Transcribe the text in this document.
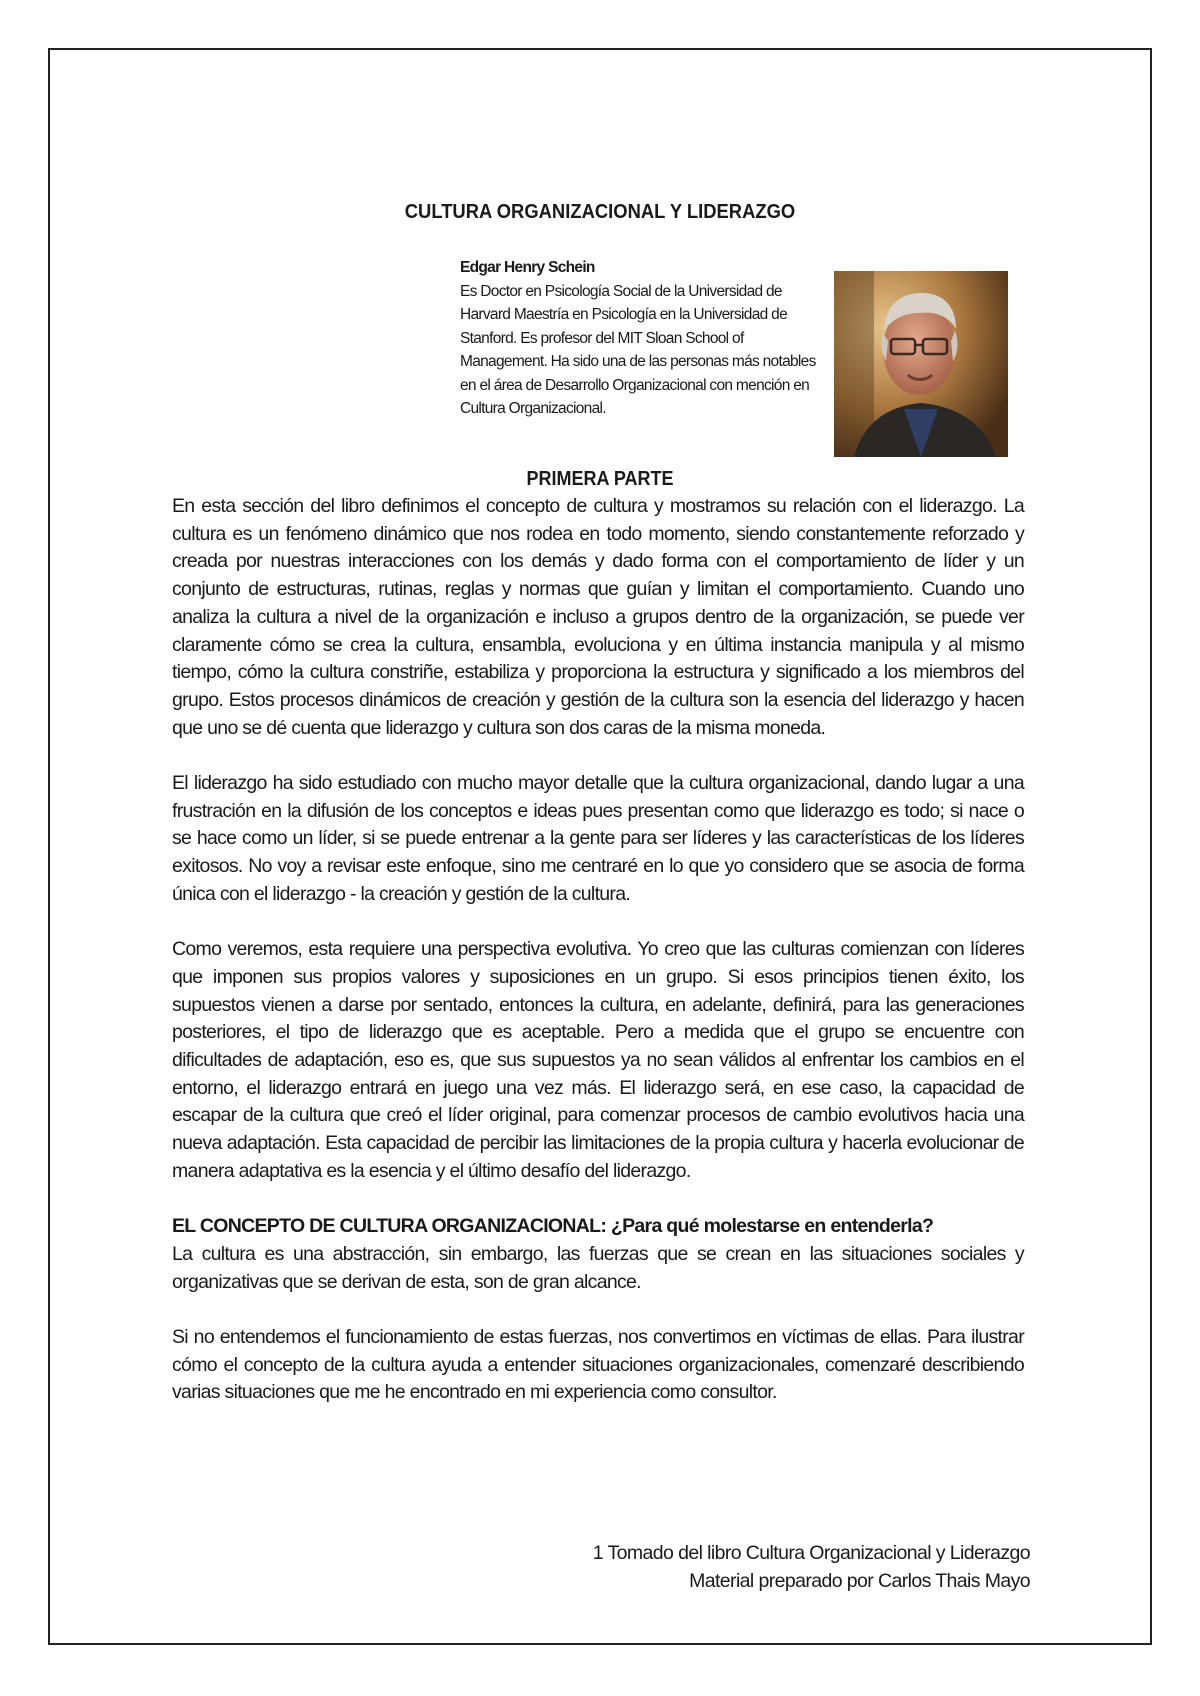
CULTURA ORGANIZACIONAL Y LIDERAZGO
Edgar Henry Schein
Es Doctor en Psicología Social de la Universidad de Harvard Maestría en Psicología en la Universidad de Stanford. Es profesor del MIT Sloan School of Management. Ha sido una de las personas más notables en el área de Desarrollo Organizacional con mención en Cultura Organizacional.
PRIMERA PARTE

En esta sección del libro definimos el concepto de cultura y mostramos su relación con el liderazgo. La cultura es un fenómeno dinámico que nos rodea en todo momento, siendo constantemente reforzado y creada por nuestras interacciones con los demás y dado forma con el comportamiento de líder y un conjunto de estructuras, rutinas, reglas y normas que guían y limitan el comportamiento. Cuando uno analiza la cultura a nivel de la organización e incluso a grupos dentro de la organización, se puede ver claramente cómo se crea la cultura, ensambla, evoluciona y en última instancia manipula y al mismo tiempo, cómo la cultura constriñe, estabiliza y proporciona la estructura y significado a los miembros del grupo. Estos procesos dinámicos de creación y gestión de la cultura son la esencia del liderazgo y hacen que uno se dé cuenta que liderazgo y cultura son dos caras de la misma moneda.

El liderazgo ha sido estudiado con mucho mayor detalle que la cultura organizacional, dando lugar a una frustración en la difusión de los conceptos e ideas pues presentan como que liderazgo es todo; si nace o se hace como un líder, si se puede entrenar a la gente para ser líderes y las características de los líderes exitosos. No voy a revisar este enfoque, sino me centraré en lo que yo considero que se asocia de forma única con el liderazgo - la creación y gestión de la cultura.

Como veremos, esta requiere una perspectiva evolutiva. Yo creo que las culturas comienzan con líderes que imponen sus propios valores y suposiciones en un grupo. Si esos principios tienen éxito, los supuestos vienen a darse por sentado, entonces la cultura, en adelante, definirá, para las generaciones posteriores, el tipo de liderazgo que es aceptable. Pero a medida que el grupo se encuentre con dificultades de adaptación, eso es, que sus supuestos ya no sean válidos al enfrentar los cambios en el entorno, el liderazgo entrará en juego una vez más. El liderazgo será, en ese caso, la capacidad de escapar de la cultura que creó el líder original, para comenzar procesos de cambio evolutivos hacia una nueva adaptación. Esta capacidad de percibir las limitaciones de la propia cultura y hacerla evolucionar de manera adaptativa es la esencia y el último desafío del liderazgo.

EL CONCEPTO DE CULTURA ORGANIZACIONAL: ¿Para qué molestarse en entenderla?

La cultura es una abstracción, sin embargo, las fuerzas que se crean en las situaciones sociales y organizativas que se derivan de esta, son de gran alcance.

Si no entendemos el funcionamiento de estas fuerzas, nos convertimos en víctimas de ellas. Para ilustrar cómo el concepto de la cultura ayuda a entender situaciones organizacionales, comenzaré describiendo varias situaciones que me he encontrado en mi experiencia como consultor.

1 Tomado del libro Cultura Organizacional y Liderazgo
Material preparado por Carlos Thais Mayo
